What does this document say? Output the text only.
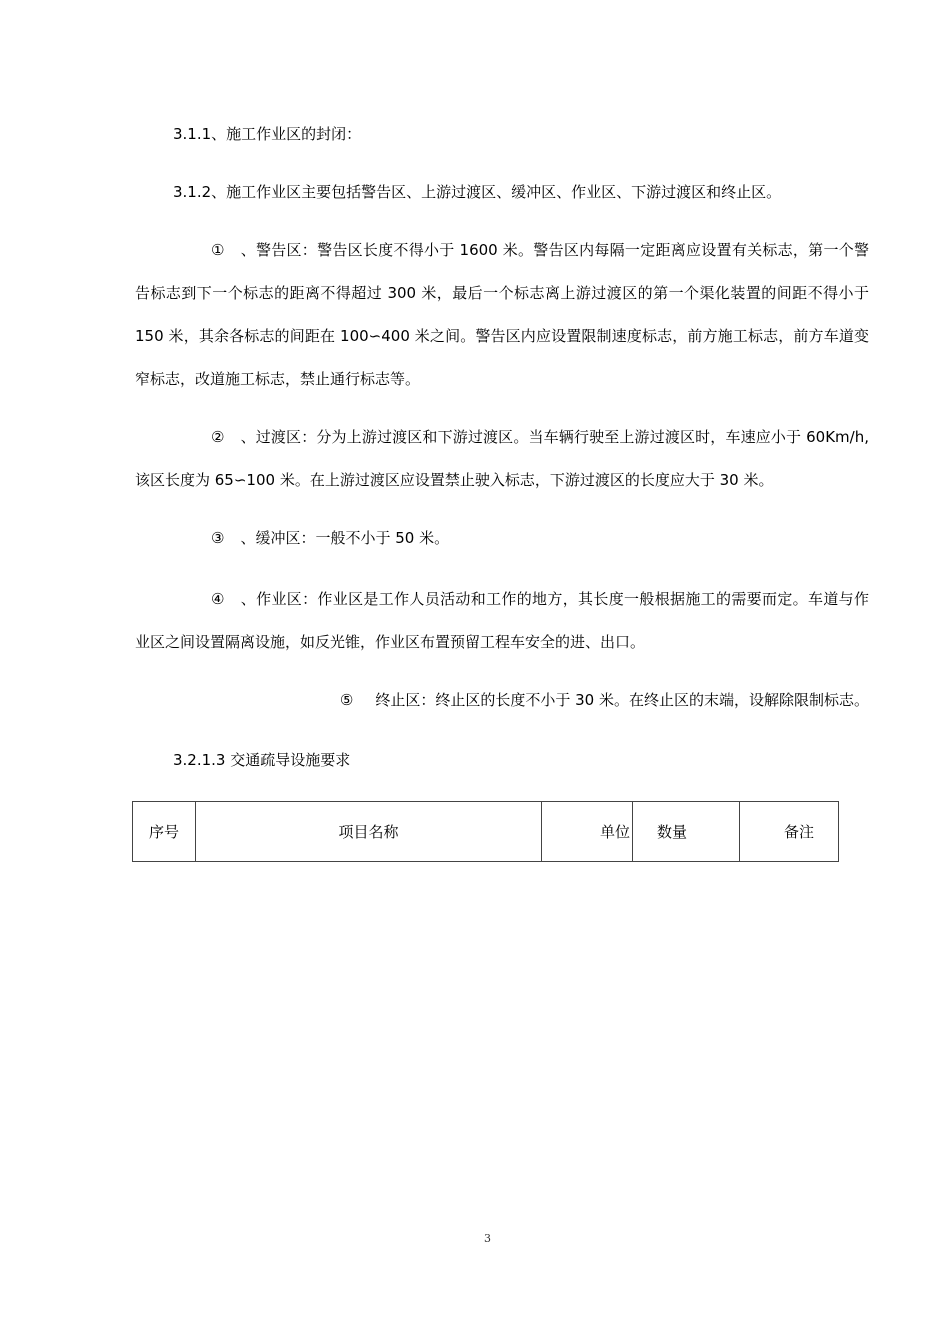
3.1.1、施工作业区的封闭：
3.1.2、施工作业区主要包括警告区、上游过渡区、缓冲区、作业区、下游过渡区和终止区。
① 、警告区：警告区长度不得小于 1600 米。警告区内每隔一定距离应设置有关标志，第一个警告标志到下一个标志的距离不得超过 300 米，最后一个标志离上游过渡区的第一个渠化装置的间距不得小于 150 米，其余各标志的间距在 100∽400 米之间。警告区内应设置限制速度标志，前方施工标志，前方车道变窄标志，改道施工标志，禁止通行标志等。
② 、过渡区：分为上游过渡区和下游过渡区。当车辆行驶至上游过渡区时，车速应小于 60Km/h,该区长度为 65∽100 米。在上游过渡区应设置禁止驶入标志，下游过渡区的长度应大于 30 米。
③ 、缓冲区：一般不小于 50 米。
④ 、作业区：作业区是工作人员活动和工作的地方，其长度一般根据施工的需要而定。车道与作业区之间设置隔离设施，如反光锥，作业区布置预留工程车安全的进、出口。
⑤ 终止区：终止区的长度不小于 30 米。在终止区的末端，设解除限制标志。
3.2.1.3 交通疏导设施要求
序号	项目名称	单位	数量	备注
3
